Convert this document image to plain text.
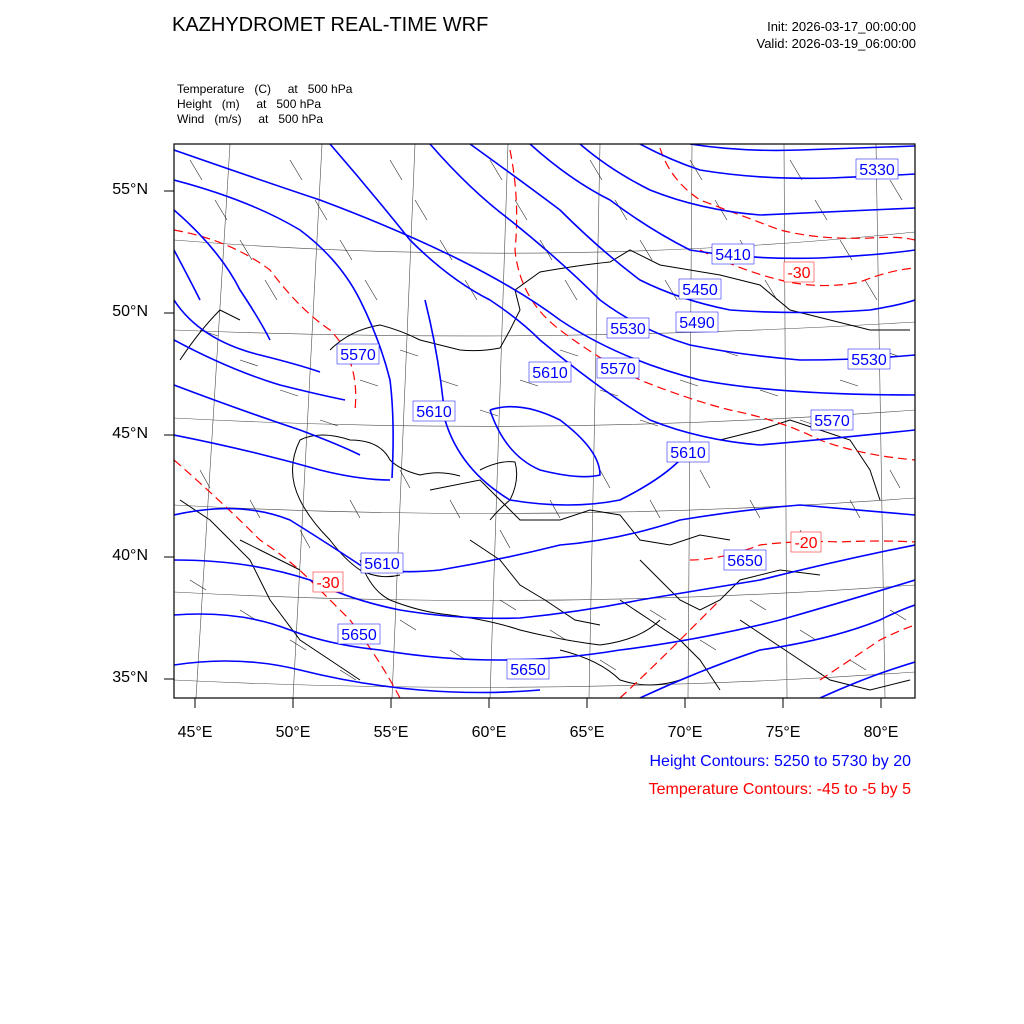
KAZHYDROMET REAL-TIME WRF	Init: 2026-03-17_00:00:00
Valid: 2026-03-19_06:00:00
Temperature   (C)     at   500 hPa
Height   (m)     at   500 hPa
Wind   (m/s)     at   500 hPa
5330
5410
5450
5490
5530
5530
5570
5570
5570
5610
5610
5610
5610	5650
5650
5650
-30
-20
-30
55°N
50°N
45°N
40°N
35°N
45°E	50°E	55°E	60°E	65°E	70°E	75°E	80°E
Height Contours: 5250 to 5730 by 20
Temperature Contours: -45 to -5 by 5
